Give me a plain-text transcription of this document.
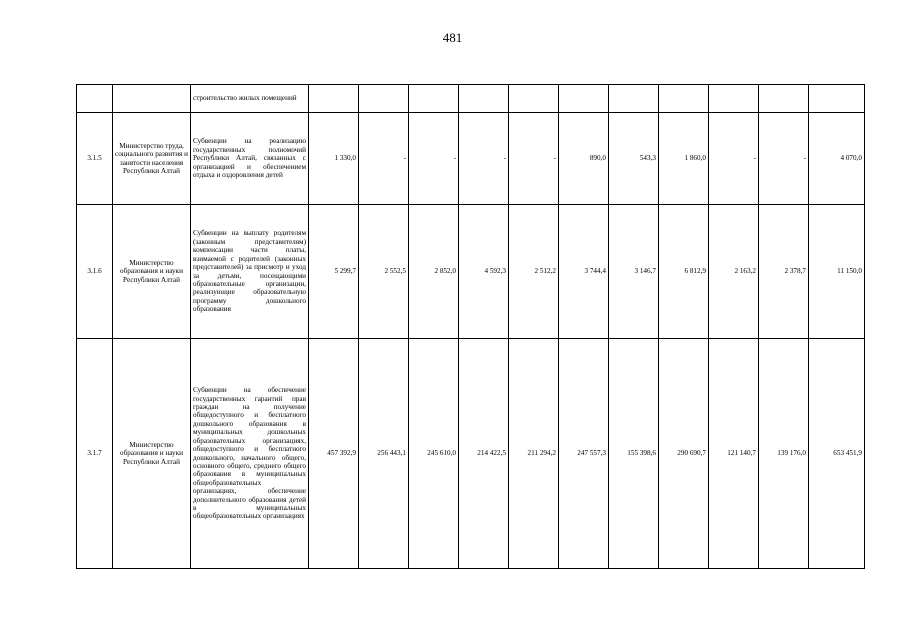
481
		строительство жилых помещений											
3.1.5	Министерство труда, социального развития и занятости населения Республики Алтай	Субвенции на реализацию государственных полномочий Республики Алтай, связанных с организацией и обеспечением отдыха и оздоровления детей	1 330,0	-	-	-	-	890,0	543,3	1 860,0	-	-	4 070,0
3.1.6	Министерство образования и науки Республики Алтай	Субвенции на выплату родителям (законным представителям) компенсации части платы, взимаемой с родителей (законных представителей) за присмотр и уход за детьми, посещающими образовательные организации, реализующие образовательную программу дошкольного образования	5 299,7	2 552,5	2 852,0	4 592,3	2 512,2	3 744,4	3 146,7	6 812,9	2 163,2	2 378,7	11 150,0
3.1.7	Министерство образования и науки Республики Алтай	Субвенции на обеспечение государственных гарантий прав граждан на получение общедоступного и бесплатного дошкольного образования в муниципальных дошкольных образовательных организациях, общедоступного и бесплатного дошкольного, начального общего, основного общего, среднего общего образования в муниципальных общеобразовательных организациях, обеспечение дополнительного образования детей в муниципальных общеобразовательных организациях	457 392,9	256 443,1	245 610,0	214 422,5	211 294,2	247 557,3	155 398,6	290 690,7	121 140,7	139 176,0	653 451,9
